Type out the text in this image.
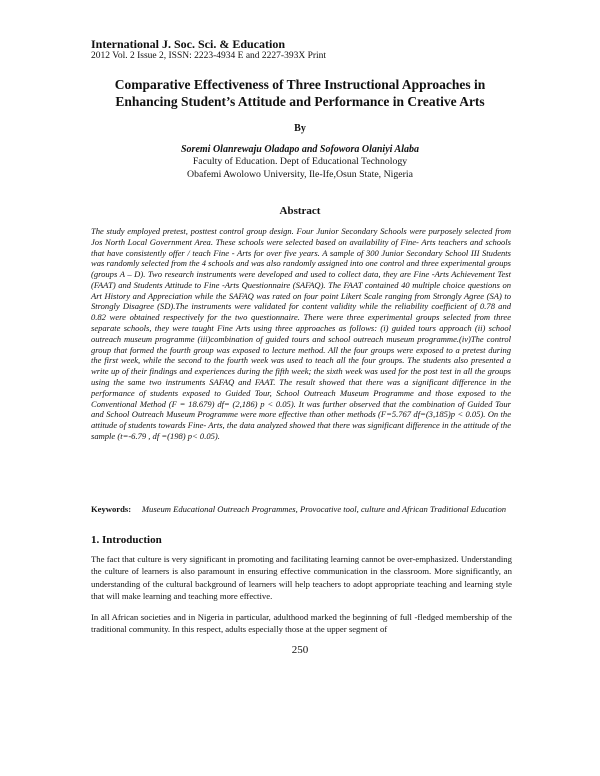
International J. Soc. Sci. & Education
2012 Vol. 2 Issue 2, ISSN: 2223-4934 E and 2227-393X Print
Comparative Effectiveness of Three Instructional Approaches in
Enhancing Student’s Attitude and Performance in Creative Arts
By
Soremi Olanrewaju Oladapo and Sofowora Olaniyi Alaba
Faculty of Education. Dept of Educational Technology
Obafemi Awolowo University, Ile-Ife,Osun State, Nigeria
Abstract

The study employed pretest, posttest control group design. Four Junior Secondary Schools were purposely selected from Jos North Local Government Area. These schools were selected based on availability of Fine- Arts teachers and schools that have consistently offer / teach Fine - Arts for over five years. A sample of 300 Junior Secondary School III Students was randomly selected from the 4 schools and was also randomly assigned into one control and three experimental groups (groups A – D). Two research instruments were developed and used to collect data, they are Fine -Arts Achievement Test (FAAT) and Students Attitude to Fine -Arts Questionnaire (SAFAQ). The FAAT contained 40 multiple choice questions on Art History and Appreciation while the SAFAQ was rated on four point Likert Scale ranging from Strongly Agree (SA) to Strongly Disagree (SD).The instruments were validated for content validity while the reliability coefficient of 0.78 and 0.82 were obtained respectively for the two questionnaire. There were three experimental groups selected from three separate schools, they were taught Fine Arts using three approaches as follows: (i) guided tours approach (ii) school outreach museum programme (iii)combination of guided tours and school outreach museum programme.(iv)The control group that formed the fourth group was exposed to lecture method. All the four groups were exposed to a pretest during the first week, while the second to the fourth week was used to teach all the four groups. The students also presented a write up of their findings and experiences during the fifth week; the sixth week was used for the post test in all the groups using the same two instruments SAFAQ and FAAT. The result showed that there was a significant difference in the performance of students exposed to Guided Tour, School Outreach Museum Programme and those exposed to the Conventional Method (F = 18.679) df= (2,186) p < 0.05). It was further observed that the combination of Guided Tour and School Outreach Museum Programme were more effective than other methods (F=5.767 df=(3,185)p < 0.05). On the attitude of students towards Fine- Arts, the data analyzed showed that there was significant difference in the attitude of the sample (t=-6.79 , df =(198) p< 0.05).

Keywords: Museum Educational Outreach Programmes, Provocative tool, culture and African Traditional Education

1. Introduction

The fact that culture is very significant in promoting and facilitating learning cannot be over-emphasized. Understanding the culture of learners is also paramount in ensuring effective communication in the classroom. More significantly, an understanding of the cultural background of learners will help teachers to adopt appropriate teaching and learning style that will make learning and teaching more effective.

In all African societies and in Nigeria in particular, adulthood marked the beginning of full -fledged membership of the traditional community. In this respect, adults especially those at the upper segment of

250
